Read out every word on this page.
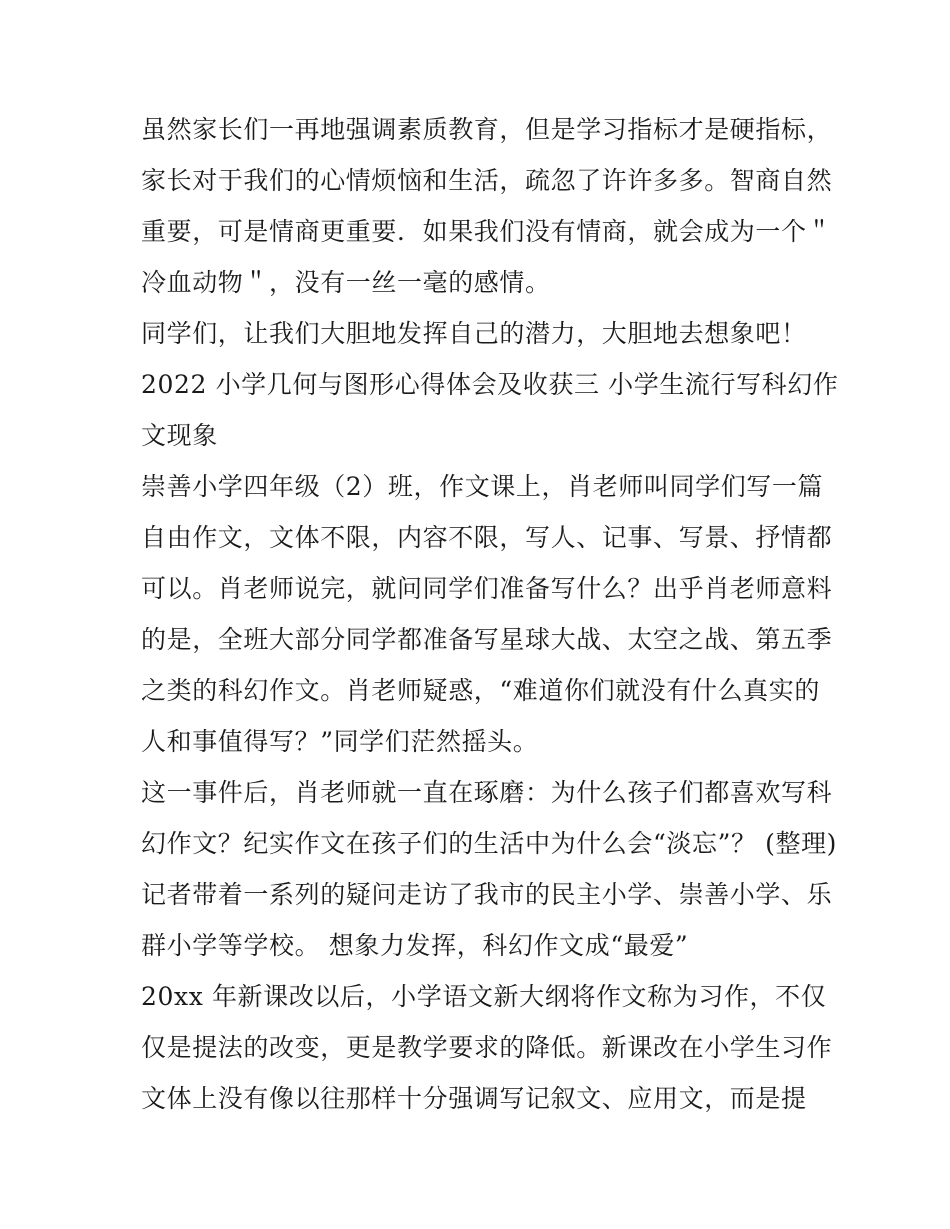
虽然家长们一再地强调素质教育，但是学习指标才是硬指标，
家长对于我们的心情烦恼和生活，疏忽了许许多多。智商自然
重要，可是情商更重要．如果我们没有情商，就会成为一个＂
冷血动物＂，没有一丝一毫的感情。
同学们，让我们大胆地发挥自己的潜力，大胆地去想象吧！
2022 小学几何与图形心得体会及收获三 小学生流行写科幻作
文现象
崇善小学四年级（2）班，作文课上，肖老师叫同学们写一篇
自由作文，文体不限，内容不限，写人、记事、写景、抒情都
可以。肖老师说完，就问同学们准备写什么？出乎肖老师意料
的是，全班大部分同学都准备写星球大战、太空之战、第五季
之类的科幻作文。肖老师疑惑，“难道你们就没有什么真实的
人和事值得写？”同学们茫然摇头。
这一事件后，肖老师就一直在琢磨：为什么孩子们都喜欢写科
幻作文？纪实作文在孩子们的生活中为什么会“淡忘”？ (整理)
记者带着一系列的疑问走访了我市的民主小学、崇善小学、乐
群小学等学校。 想象力发挥，科幻作文成“最爱”
20xx 年新课改以后，小学语文新大纲将作文称为习作，不仅
仅是提法的改变，更是教学要求的降低。新课改在小学生习作
文体上没有像以往那样十分强调写记叙文、应用文，而是提
